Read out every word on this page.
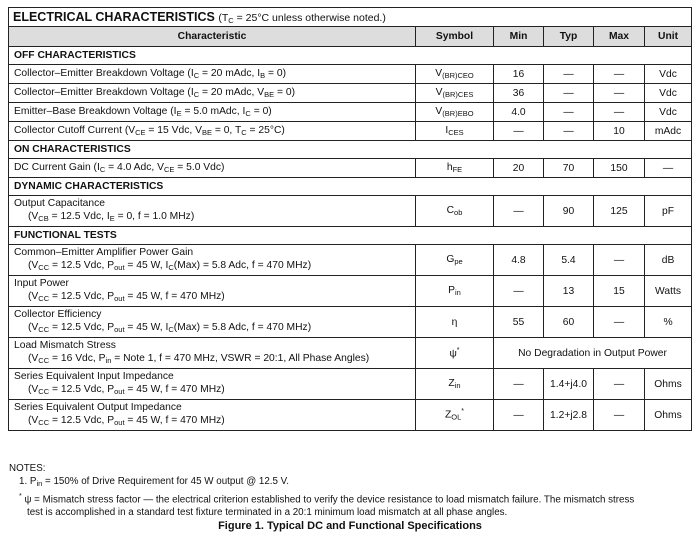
ELECTRICAL CHARACTERISTICS ($T_C = 25^\circ C$ unless otherwise noted.)					
Characteristic	Symbol	Min	Typ	Max	Unit
OFF CHARACTERISTICS					
Collector–Emitter Breakdown Voltage ($I_C = 20$ mAdc, $I_B = 0$)	$V_{(BR)CEO}$	16	—	—	Vdc
Collector–Emitter Breakdown Voltage ($I_C = 20$ mAdc, $V_{BE} = 0$)	$V_{(BR)CES}$	36	—	—	Vdc
Emitter–Base Breakdown Voltage ($I_E = 5.0$ mAdc, $I_C = 0$)	$V_{(BR)EBO}$	4.0	—	—	Vdc
Collector Cutoff Current ($V_{CE} = 15$ Vdc, $V_{BE} = 0$, $T_C = 25^\circ C$)	$I_{CES}$	—	—	10	mAdc
ON CHARACTERISTICS					
DC Current Gain ($I_C = 4.0$ Adc, $V_{CE} = 5.0$ Vdc)	$h_{FE}$	20	70	150	—
DYNAMIC CHARACTERISTICS					
Output Capacitance
($V_{CB} = 12.5$ Vdc, $I_E = 0$, f = 1.0 MHz)	$C_{ob}$	—	90	125	pF
FUNCTIONAL TESTS					
Common–Emitter Amplifier Power Gain
($V_{CC} = 12.5$ Vdc, $P_{out} = 45$ W, $I_C(Max) = 5.8$ Adc, f = 470 MHz)	$G_{pe}$	4.8	5.4	—	dB
Input Power
($V_{CC} = 12.5$ Vdc, $P_{out} = 45$ W, f = 470 MHz)	$P_{in}$	—	13	15	Watts
Collector Efficiency
($V_{CC} = 12.5$ Vdc, $P_{out} = 45$ W, $I_C(Max) = 5.8$ Adc, f = 470 MHz)	η	55	60	—	%
Load Mismatch Stress
($V_{CC} = 16$ Vdc, $P_{in}$ = Note 1, f = 470 MHz, VSWR = 20:1, All Phase Angles)	ψ*	No Degradation in Output Power			
Series Equivalent Input Impedance
($V_{CC} = 12.5$ Vdc, $P_{out} = 45$ W, f = 470 MHz)	$Z_{in}$	—	1.4+j4.0	—	Ohms
Series Equivalent Output Impedance
($V_{CC} = 12.5$ Vdc, $P_{out} = 45$ W, f = 470 MHz)	$Z_{OL}^*$	—	1.2+j2.8	—	Ohms
NOTES:
1. $P_{in} = 150\%$ of Drive Requirement for 45 W output @ 12.5 V.
* ψ = Mismatch stress factor — the electrical criterion established to verify the device resistance to load mismatch failure. The mismatch stress
test is accomplished in a standard test fixture terminated in a 20:1 minimum load mismatch at all phase angles.
Figure 1. Typical DC and Functional Specifications
